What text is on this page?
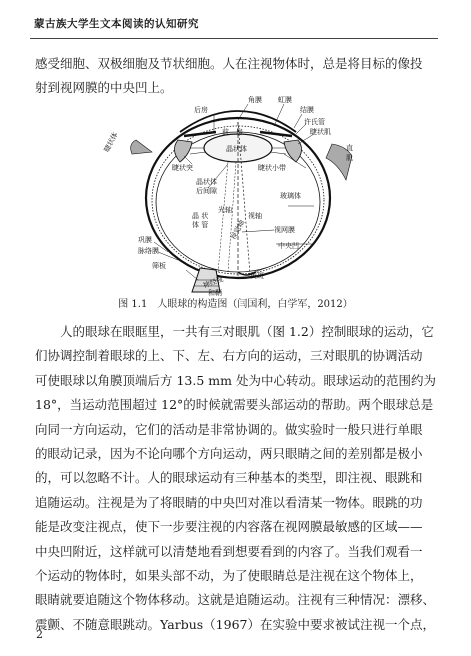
蒙古族大学生文本阅读的认知研究
感受细胞、双极细胞及节状细胞。人在注视物体时，总是将目标的像投
射到视网膜的中央凹上。
角膜 虹膜
后房
前　房
结膜
许氏管
睫状肌
晶状体
睫状体
睫状突	睫状小带
直
肌
晶状体
后间隙
玻璃体
晶 状
体 管
光轴
视轴
视网膜
视觉轴
中央凹
巩膜
脉络膜
筛板
黄斑
神经视
和鞘
图 1.1　人眼球的构造图（闫国利，白学军，2012）
人的眼球在眼眶里，一共有三对眼肌（图 1.2）控制眼球的运动，它
们协调控制着眼球的上、下、左、右方向的运动，三对眼肌的协调活动
可使眼球以角膜顶端后方 13.5 mm 处为中心转动。眼球运动的范围约为
18°，当运动范围超过 12°的时候就需要头部运动的帮助。两个眼球总是
向同一方向运动，它们的活动是非常协调的。做实验时一般只进行单眼
的眼动记录，因为不论向哪个方向运动，两只眼睛之间的差别都是极小
的，可以忽略不计。人的眼球运动有三种基本的类型，即注视、眼跳和
追随运动。注视是为了将眼睛的中央凹对准以看清某一物体。眼跳的功
能是改变注视点，使下一步要注视的内容落在视网膜最敏感的区域——
中央凹附近，这样就可以清楚地看到想要看到的内容了。当我们观看一
个运动的物体时，如果头部不动，为了使眼睛总是注视在这个物体上，
眼睛就要追随这个物体移动。这就是追随运动。注视有三种情况：漂移、
震颤、不随意眼跳动。Yarbus（1967）在实验中要求被试注视一个点，
2
